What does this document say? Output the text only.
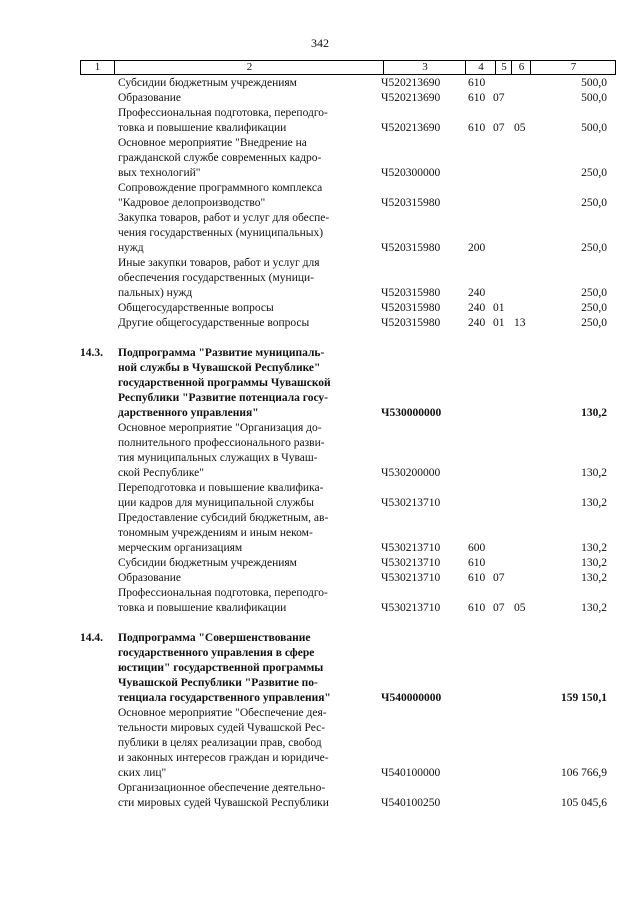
342
1	2	3	4	5	6	7
Субсидии бюджетным учреждениям	Ч520213690 610	500,0
Образование	Ч520213690 610 07	500,0
Профессиональная подготовка, переподго-
товка и повышение квалификации	Ч520213690 610 07 05	500,0
Основное мероприятие "Внедрение на
гражданской службе современных кадро-
вых технологий"	Ч520300000	250,0
Сопровождение программного комплекса
"Кадровое делопроизводство"	Ч520315980	250,0
Закупка товаров, работ и услуг для обеспе-
чения государственных (муниципальных)
нужд	Ч520315980 200	250,0
Иные закупки товаров, работ и услуг для
обеспечения государственных (муници-
пальных) нужд	Ч520315980 240	250,0
Общегосударственные вопросы	Ч520315980 240 01	250,0
Другие общегосударственные вопросы	Ч520315980 240 01 13	250,0
14.3.	Подпрограмма "Развитие муниципаль-
ной службы в Чувашской Республике"
государственной программы Чувашской
Республики "Развитие потенциала госу-
дарственного управления"	Ч530000000	130,2
Основное мероприятие "Организация до-
полнительного профессионального разви-
тия муниципальных служащих в Чуваш-
ской Республике"	Ч530200000	130,2
Переподготовка и повышение квалифика-
ции кадров для муниципальной службы	Ч530213710	130,2
Предоставление субсидий бюджетным, ав-
тономным учреждениям и иным неком-
мерческим организациям	Ч530213710 600	130,2
Субсидии бюджетным учреждениям	Ч530213710 610	130,2
Образование	Ч530213710 610 07	130,2
Профессиональная подготовка, переподго-
товка и повышение квалификации	Ч530213710 610 07 05	130,2
14.4.	Подпрограмма "Совершенствование
государственного управления в сфере
юстиции" государственной программы
Чувашской Республики "Развитие по-
тенциала государственного управления"	Ч540000000	159 150,1
Основное мероприятие "Обеспечение дея-
тельности мировых судей Чувашской Рес-
публики в целях реализации прав, свобод
и законных интересов граждан и юридиче-
ских лиц"	Ч540100000	106 766,9
Организационное обеспечение деятельно-
сти мировых судей Чувашской Республики	Ч540100250	105 045,6
